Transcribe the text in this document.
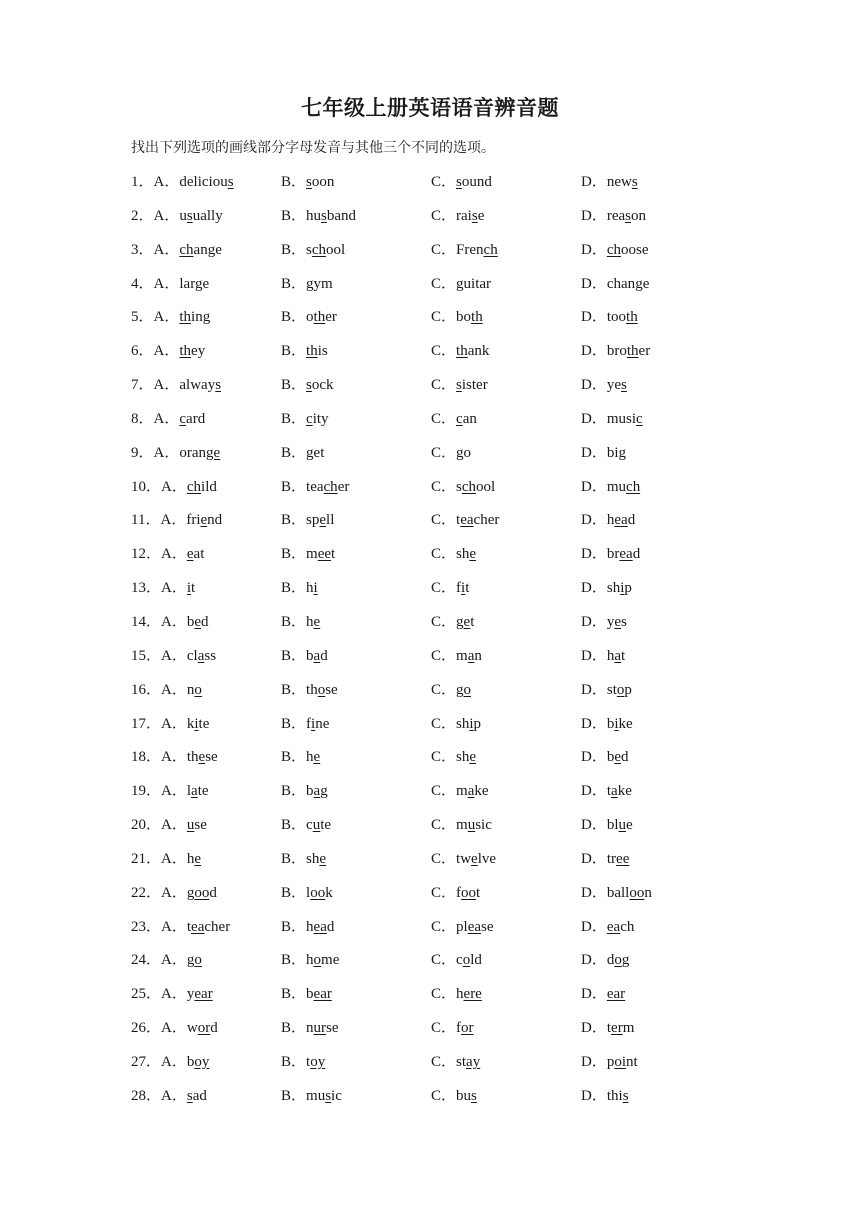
七年级上册英语语音辨音题

找出下列选项的画线部分字母发音与其他三个不同的选项。

1．A．delicious	B．soon	C．sound	D．news
2．A．usually	B．husband	C．raise	D．reason
3．A．change	B．school	C．French	D．choose
4．A．large	B．gym	C．guitar	D．change
5．A．thing	B．other	C．both	D．tooth
6．A．they	B．this	C．thank	D．brother
7．A．always	B．sock	C．sister	D．yes
8．A．card	B．city	C．can	D．music
9．A．orange	B．get	C．go	D．big
10．A．child	B．teacher	C．school	D．much
11．A．friend	B．spell	C．teacher	D．head
12．A．eat	B．meet	C．she	D．bread
13．A．it	B．hi	C．fit	D．ship
14．A．bed	B．he	C．get	D．yes
15．A．class	B．bad	C．man	D．hat
16．A．no	B．those	C．go	D．stop
17．A．kite	B．fine	C．ship	D．bike
18．A．these	B．he	C．she	D．bed
19．A．late	B．bag	C．make	D．take
20．A．use	B．cute	C．music	D．blue
21．A．he	B．she	C．twelve	D．tree
22．A．good	B．look	C．foot	D．balloon
23．A．teacher	B．head	C．please	D．each
24．A．go	B．home	C．cold	D．dog
25．A．year	B．bear	C．here	D．ear
26．A．word	B．nurse	C．for	D．term
27．A．boy	B．toy	C．stay	D．point
28．A．sad	B．music	C．bus	D．this
